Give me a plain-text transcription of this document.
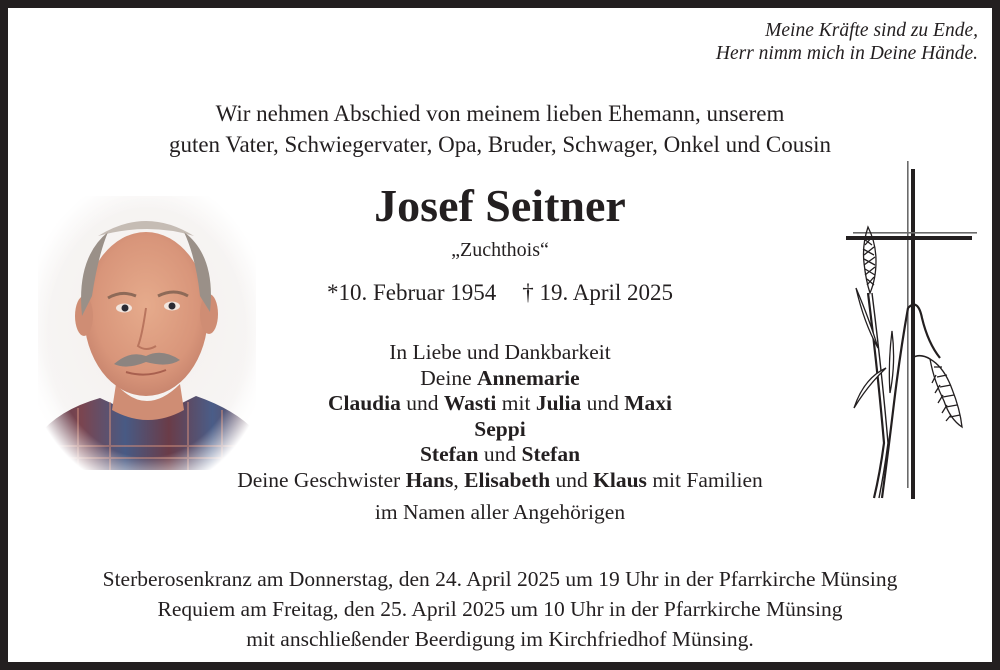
Meine Kräfte sind zu Ende,
Herr nimm mich in Deine Hände.
Wir nehmen Abschied von meinem lieben Ehemann, unserem
guten Vater, Schwiegervater, Opa, Bruder, Schwager, Onkel und Cousin
Josef Seitner
„Zuchthois“
*10. Februar 1954 † 19. April 2025
In Liebe und Dankbarkeit
Deine Annemarie
Claudia und Wasti mit Julia und Maxi
Seppi
Stefan und Stefan
Deine Geschwister Hans, Elisabeth und Klaus mit Familien
im Namen aller Angehörigen
Sterberosenkranz am Donnerstag, den 24. April 2025 um 19 Uhr in der Pfarrkirche Münsing
Requiem am Freitag, den 25. April 2025 um 10 Uhr in der Pfarrkirche Münsing
mit anschließender Beerdigung im Kirchfriedhof Münsing.
